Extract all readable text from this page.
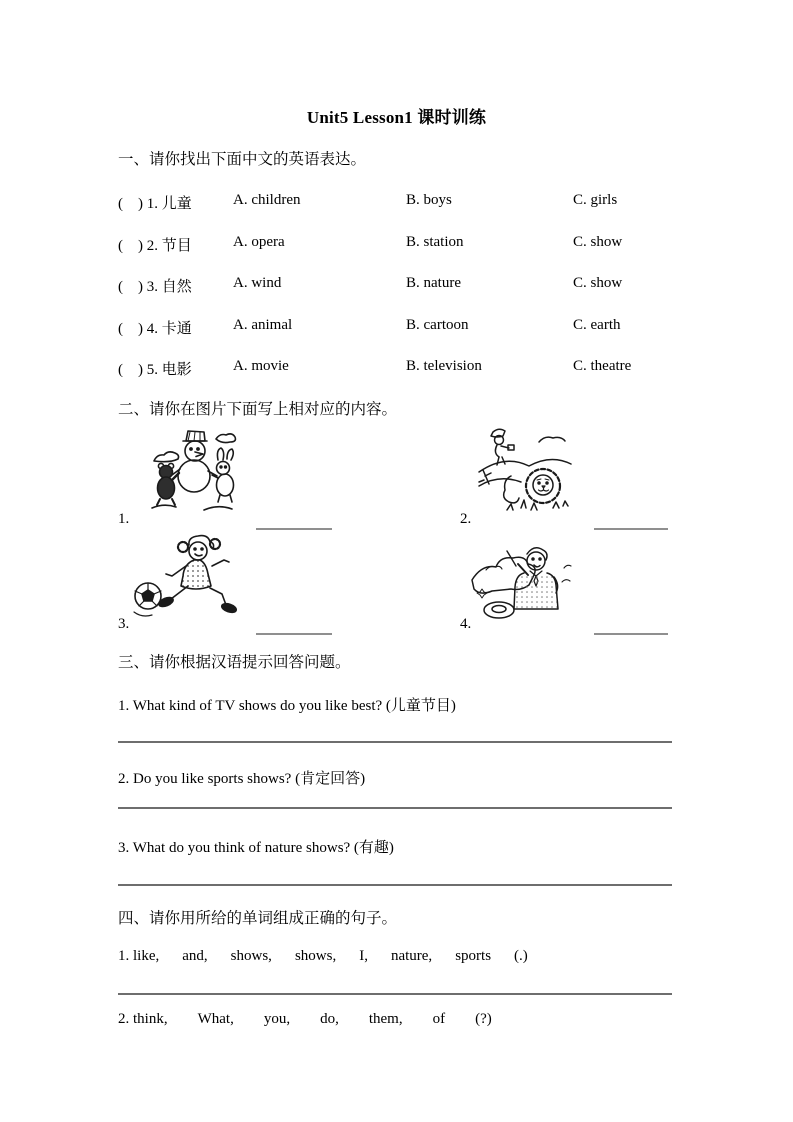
Unit5 Lesson1 课时训练
一、请你找出下面中文的英语表达。
(    ) 1. 儿童	A. children	B. boys	C. girls
(    ) 2. 节目	A. opera	B. station	C. show
(    ) 3. 自然	A. wind	B. nature	C. show
(    ) 4. 卡通	A. animal	B. cartoon	C. earth
(    ) 5. 电影	A. movie	B. television	C. theatre
二、请你在图片下面写上相对应的内容。
1.	2.
3.	4.
三、请你根据汉语提示回答问题。
1. What kind of TV shows do you like best? (儿童节目)
2. Do you like sports shows? (肯定回答)
3. What do you think of nature shows? (有趣)
四、请你用所给的单词组成正确的句子。
1. like, and, shows, shows, I, nature, sports (.)
2. think, What, you, do, them, of (?)
